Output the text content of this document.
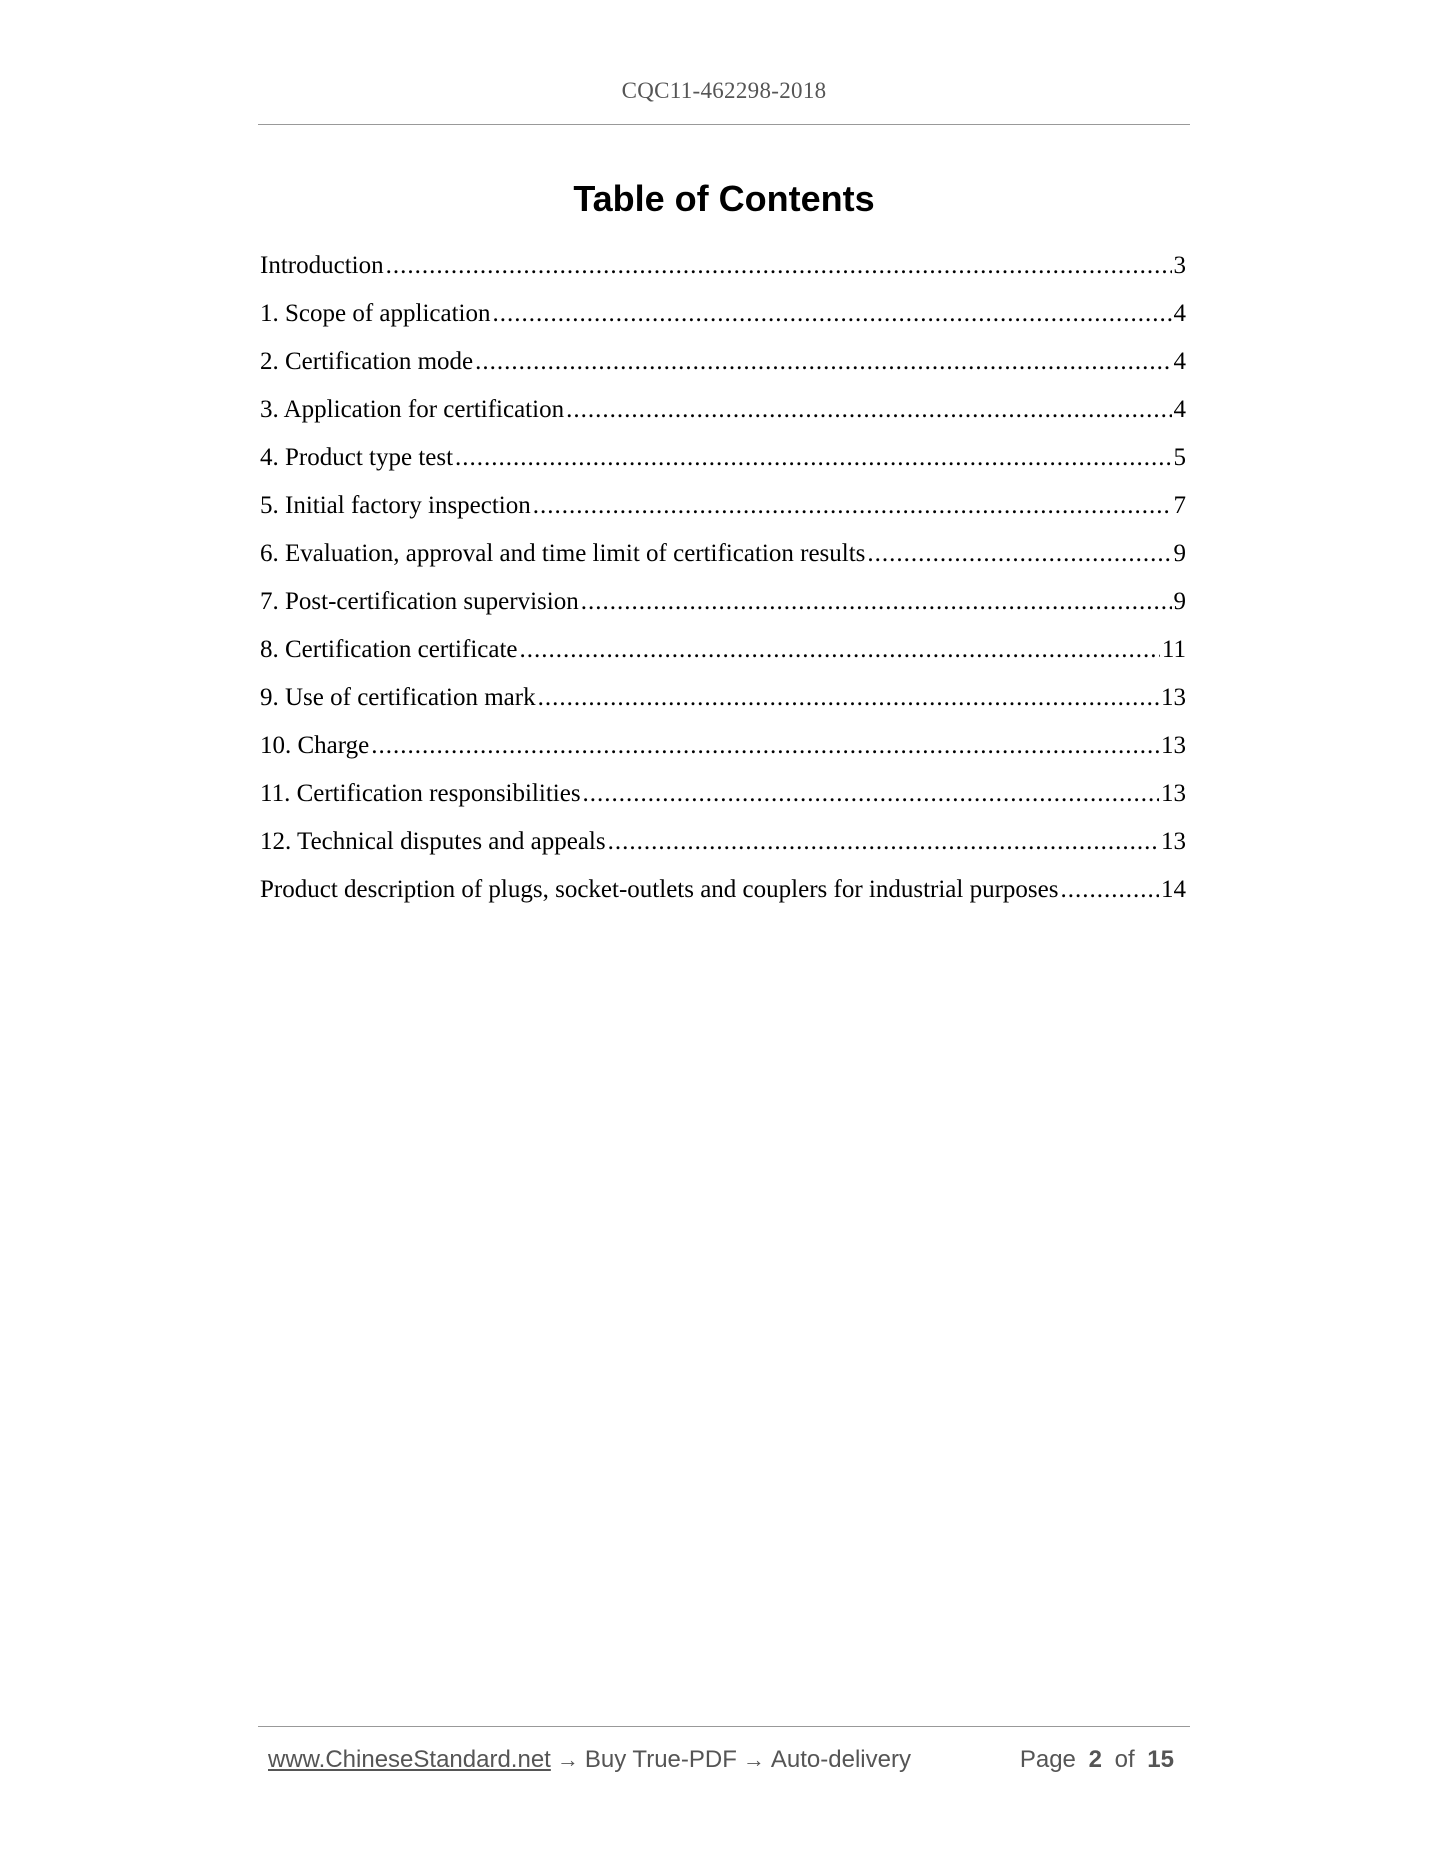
CQC11-462298-2018
Table of Contents
Introduction .....	3
1. Scope of application .....	4
2. Certification mode .....	4
3. Application for certification .....	4
4. Product type test .....	5
5. Initial factory inspection .....	7
6. Evaluation, approval and time limit of certification results .....	9
7. Post-certification supervision .....	9
8. Certification certificate .....	11
9. Use of certification mark .....	13
10. Charge .....	13
11. Certification responsibilities .....	13
12. Technical disputes and appeals .....	13
Product description of plugs, socket-outlets and couplers for industrial purposes .....	14
www.ChineseStandard.net → Buy True-PDF → Auto-delivery	Page 2 of 15
